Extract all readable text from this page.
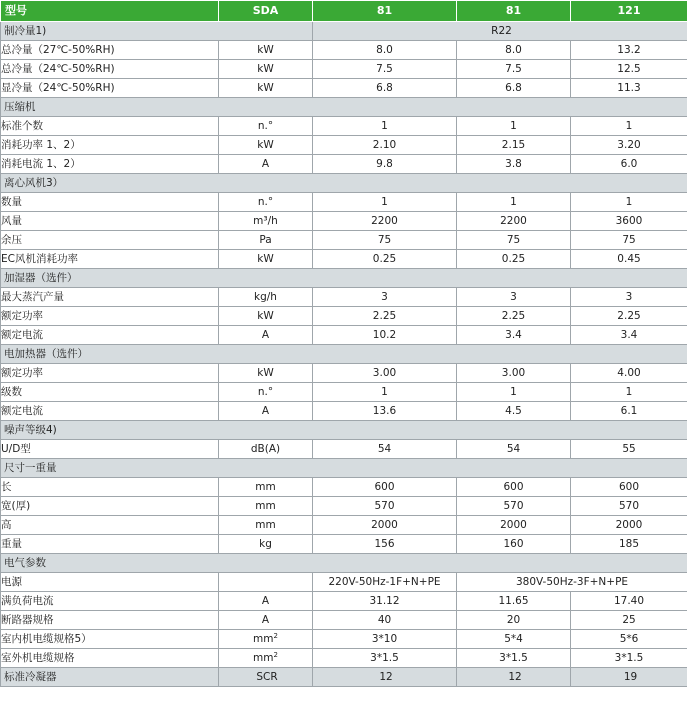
型号	SDA	81	81	121
制冷量1)		R22		
总冷量（27℃-50%RH)	kW	8.0	8.0	13.2
总冷量（24℃-50%RH)	kW	7.5	7.5	12.5
显冷量（24℃-50%RH)	kW	6.8	6.8	11.3
压缩机				
标准个数	n.°	1	1	1
消耗功率 1、2）	kW	2.10	2.15	3.20
消耗电流 1、2）	A	9.8	3.8	6.0
离心风机3）				
数量	n.°	1	1	1
风量	m³/h	2200	2200	3600
余压	Pa	75	75	75
EC风机消耗功率	kW	0.25	0.25	0.45
加湿器（选件）				
最大蒸汽产量	kg/h	3	3	3
额定功率	kW	2.25	2.25	2.25
额定电流	A	10.2	3.4	3.4
电加热器（选件）				
额定功率	kW	3.00	3.00	4.00
级数	n.°	1	1	1
额定电流	A	13.6	4.5	6.1
噪声等级4)				
U/D型	dB(A)	54	54	55
尺寸一重量				
长	mm	600	600	600
宽(厚)	mm	570	570	570
高	mm	2000	2000	2000
重量	kg	156	160	185
电气参数				
电源		220V-50Hz-1F+N+PE	380V-50Hz-3F+N+PE	
满负荷电流	A	31.12	11.65	17.40
断路器规格	A	40	20	25
室内机电缆规格5）	$mm^2$	3*10	5*4	5*6
室外机电缆规格	$mm^2$	3*1.5	3*1.5	3*1.5
标准冷凝器	SCR	12	12	19
